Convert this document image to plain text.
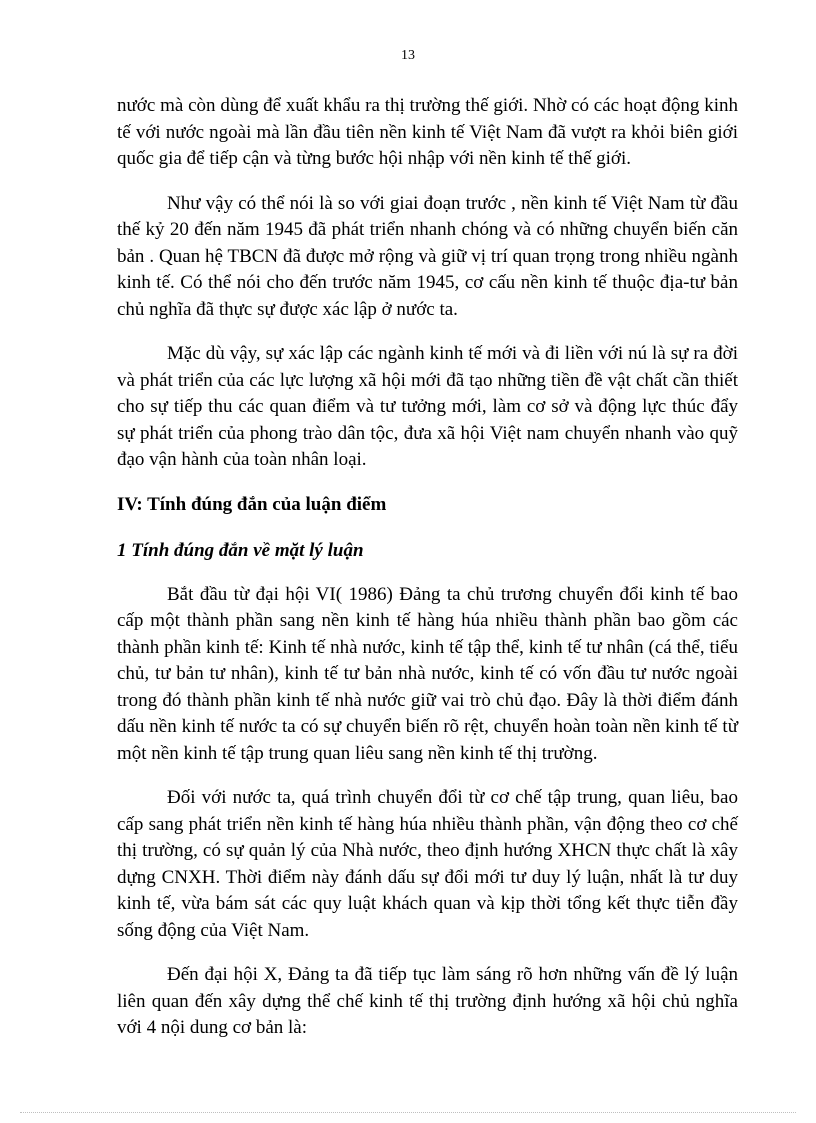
13

nước mà còn dùng để xuất khẩu ra thị trường thế giới. Nhờ có các hoạt động kinh tế với nước ngoài mà lần đầu tiên nền kinh tế Việt Nam đã vượt ra khỏi biên giới quốc gia để tiếp cận và từng bước hội nhập với nền kinh tế thế giới.

Như vậy có thể nói là so với giai đoạn trước , nền kinh tế Việt Nam từ đầu thế kỷ 20 đến năm 1945 đã phát triển nhanh chóng và có những chuyển biến căn bản . Quan hệ TBCN đã được mở rộng và giữ vị trí quan trọng trong nhiều ngành kinh tế. Có thể nói cho đến trước năm 1945, cơ cấu nền kinh tế thuộc địa-tư bản chủ nghĩa đã thực sự được xác lập ở nước ta.

Mặc dù vậy, sự xác lập các ngành kinh tế mới và đi liền với nú là sự ra đời và phát triển của các lực lượng xã hội mới đã tạo những tiền đề vật chất cần thiết cho sự tiếp thu các quan điểm và tư tưởng mới, làm cơ sở và động lực thúc đẩy sự phát triển của phong trào dân tộc, đưa xã hội Việt nam chuyển nhanh vào quỹ đạo vận hành của toàn nhân loại.

IV: Tính đúng đắn của luận điểm
1 Tính đúng đắn về mặt lý luận

Bắt đầu từ đại hội VI( 1986) Đảng ta chủ trương chuyển đổi kinh tế bao cấp một thành phần sang nền kinh tế hàng húa nhiều thành phần bao gồm các thành phần kinh tế: Kinh tế nhà nước, kinh tế tập thể, kinh tế tư nhân (cá thể, tiểu chủ, tư bản tư nhân), kinh tế tư bản nhà nước, kinh tế có vốn đầu tư nước ngoài trong đó thành phần kinh tế nhà nước giữ vai trò chủ đạo. Đây là thời điểm đánh dấu nền kinh tế nước ta có sự chuyển biến rõ rệt, chuyển hoàn toàn nền kinh tế từ một nền kinh tế tập trung quan liêu sang nền kinh tế thị trường.

Đối với nước ta, quá trình chuyển đổi từ cơ chế tập trung, quan liêu, bao cấp sang phát triển nền kinh tế hàng húa nhiều thành phần, vận động theo cơ chế thị trường, có sự quản lý của Nhà nước, theo định hướng XHCN thực chất là xây dựng CNXH. Thời điểm này đánh dấu sự đổi mới tư duy lý luận, nhất là tư duy kinh tế, vừa bám sát các quy luật khách quan và kịp thời tổng kết thực tiễn đầy sống động của Việt Nam.

Đến đại hội X, Đảng ta đã tiếp tục làm sáng rõ hơn những vấn đề lý luận liên quan đến xây dựng thể chế kinh tế thị trường định hướng xã hội chủ nghĩa với 4 nội dung cơ bản là:
